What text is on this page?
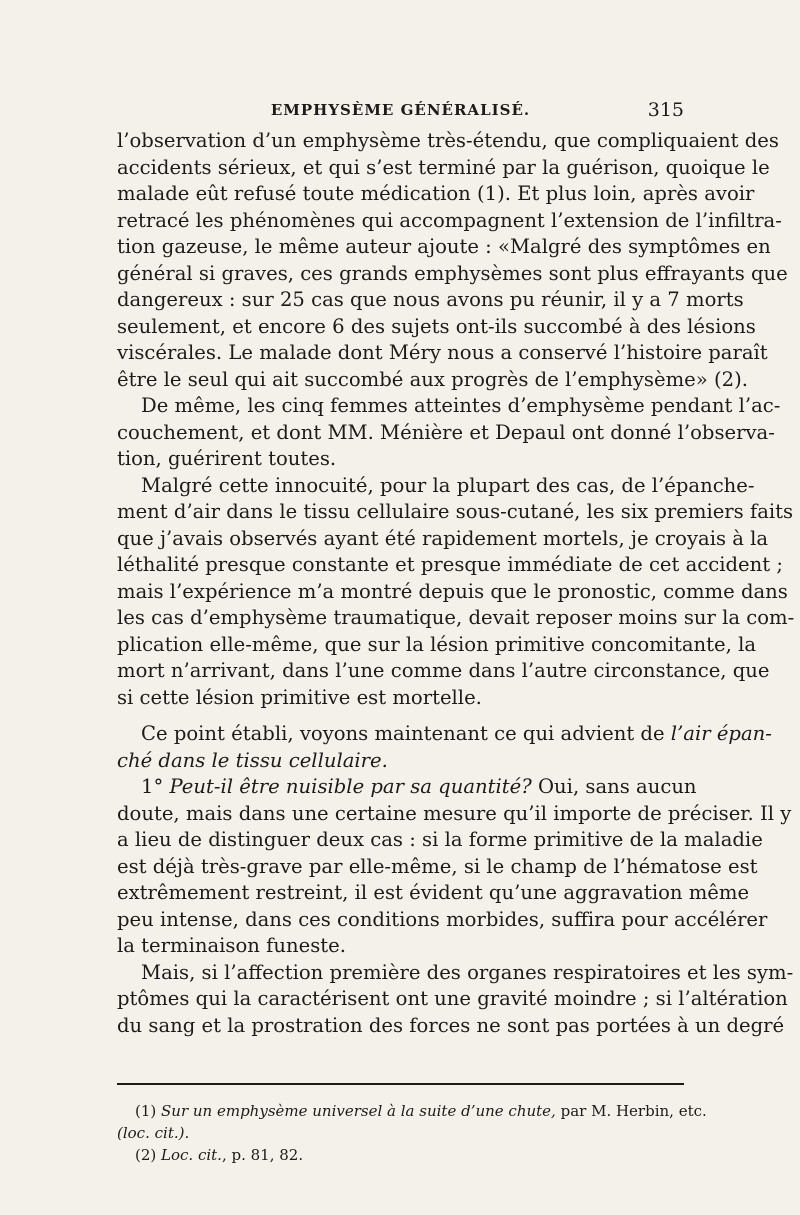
EMPHYSÈME GÉNÉRALISÉ.	315
l’observation d’un emphysème très-étendu, que compliquaient des
accidents sérieux, et qui s’est terminé par la guérison, quoique le
malade eût refusé toute médication (1). Et plus loin, après avoir
retracé les phénomènes qui accompagnent l’extension de l’infiltra-
tion gazeuse, le même auteur ajoute : «Malgré des symptômes en
général si graves, ces grands emphysèmes sont plus effrayants que
dangereux : sur 25 cas que nous avons pu réunir, il y a 7 morts
seulement, et encore 6 des sujets ont-ils succombé à des lésions
viscérales. Le malade dont Méry nous a conservé l’histoire paraît
être le seul qui ait succombé aux progrès de l’emphysème» (2).
De même, les cinq femmes atteintes d’emphysème pendant l’ac-
couchement, et dont MM. Ménière et Depaul ont donné l’observa-
tion, guérirent toutes.
Malgré cette innocuité, pour la plupart des cas, de l’épanche-
ment d’air dans le tissu cellulaire sous-cutané, les six premiers faits
que j’avais observés ayant été rapidement mortels, je croyais à la
léthalité presque constante et presque immédiate de cet accident ;
mais l’expérience m’a montré depuis que le pronostic, comme dans
les cas d’emphysème traumatique, devait reposer moins sur la com-
plication elle-même, que sur la lésion primitive concomitante, la
mort n’arrivant, dans l’une comme dans l’autre circonstance, que
si cette lésion primitive est mortelle.
Ce point établi, voyons maintenant ce qui advient de l’air épan-
ché dans le tissu cellulaire.
1° Peut-il être nuisible par sa quantité? Oui, sans aucun
doute, mais dans une certaine mesure qu’il importe de préciser. Il y
a lieu de distinguer deux cas : si la forme primitive de la maladie
est déjà très-grave par elle-même, si le champ de l’hématose est
extrêmement restreint, il est évident qu’une aggravation même
peu intense, dans ces conditions morbides, suffira pour accélérer
la terminaison funeste.
Mais, si l’affection première des organes respiratoires et les sym-
ptômes qui la caractérisent ont une gravité moindre ; si l’altération
du sang et la prostration des forces ne sont pas portées à un degré
(1) Sur un emphysème universel à la suite d’une chute, par M. Herbin, etc.
(loc. cit.).
(2) Loc. cit., p. 81, 82.
